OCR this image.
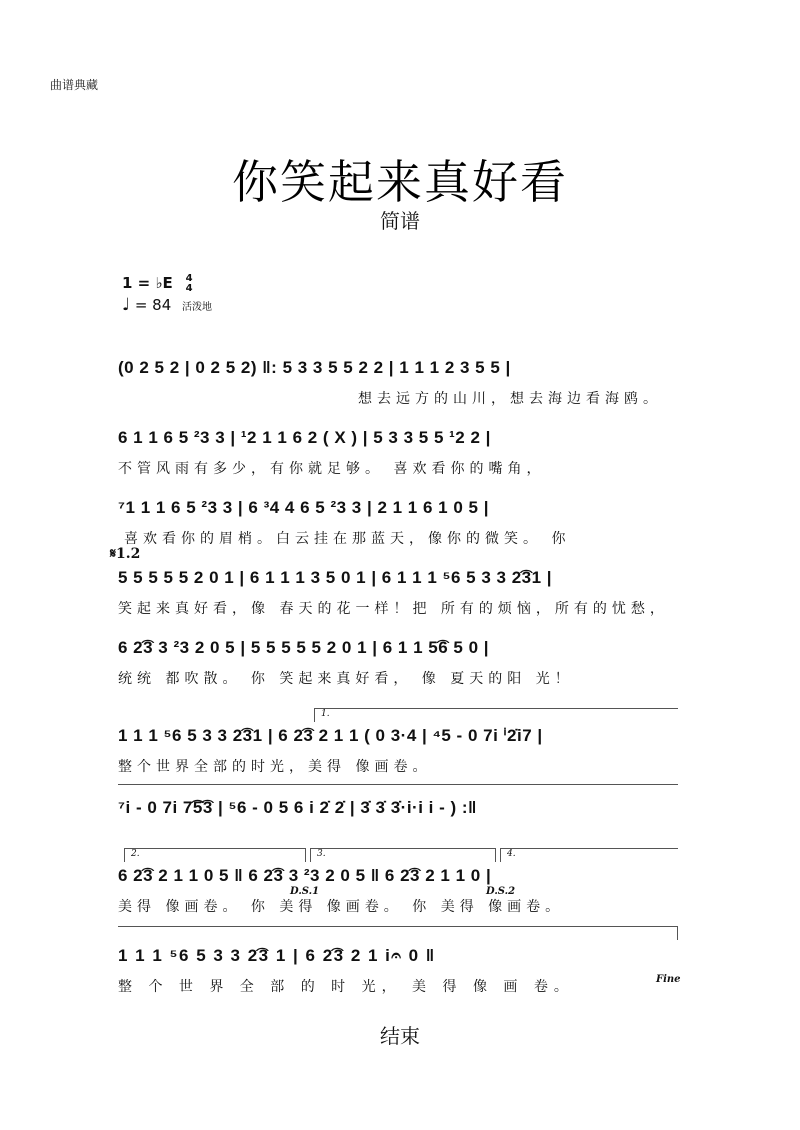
曲谱典藏
你笑起来真好看
简谱
1 = ♭E 4
4
♩ = 84 活泼地
(0 2 5 2 | 0 2 5 2) ‖: 5 3 3 5 5 2 2 | 1 1 1 2 3 5 5 |
想去远方的山川，想去海边看海鸥。
6 1 1 6 5 ²3 3 | ¹2 1 1 6 2 ( X ) | 5 3 3 5 5 ¹2 2 |
不管风雨有多少，有你就足够。 喜欢看你的嘴角，
⁷1 1 1 6 5 ²3 3 | 6 ³4 4 6 5 ²3 3 | 2 1 1 6 1 0 5 |
喜欢看你的眉梢。白云挂在那蓝天，像你的微笑。 你
𝄋1.2
5 5 5 5 5 2 0 1 | 6 1 1 1 3 5 0 1 | 6 1 1 1 ⁵6 5 3 3 2͡31 |
笑起来真好看，像 春天的花一样！把 所有的烦恼，所有的忧愁，
6 2͡3 3 ²3 2 0 5 | 5 5 5 5 5 2 0 1 | 6 1 1 5͡6 5 0 |
统统 都吹散。 你 笑起来真好看， 像 夏天的阳 光！
1.
1 1 1 ⁵6 5 3 3 2͡31 | 6 2͡3 2 1 1 ( 0 3·4 | ⁴5 - 0 7i ⁱ2̇i7 |
整个世界全部的时光，美得 像画卷。
⁷i - 0 7i 7͡5͡3 | ⁵6 - 0 5 6 i 2̇ 2̇ | 3̇ 3̇ 3̇·i·i i - ) :‖
2.	3.	4.
D.S.1	D.S.2
6 2͡3 2 1 1 0 5 ‖ 6 2͡3 3 ²3 2 0 5 ‖ 6 2͡3 2 1 1 0 |
美得 像画卷。 你 美得 像画卷。 你 美得 像画卷。
1 1 1 ⁵6 5 3 3 2͡3 1 | 6 2͡3 2 1 i𝄐 0 ‖
整 个 世 界 全 部 的 时 光， 美 得 像 画 卷。	Fine
结束
